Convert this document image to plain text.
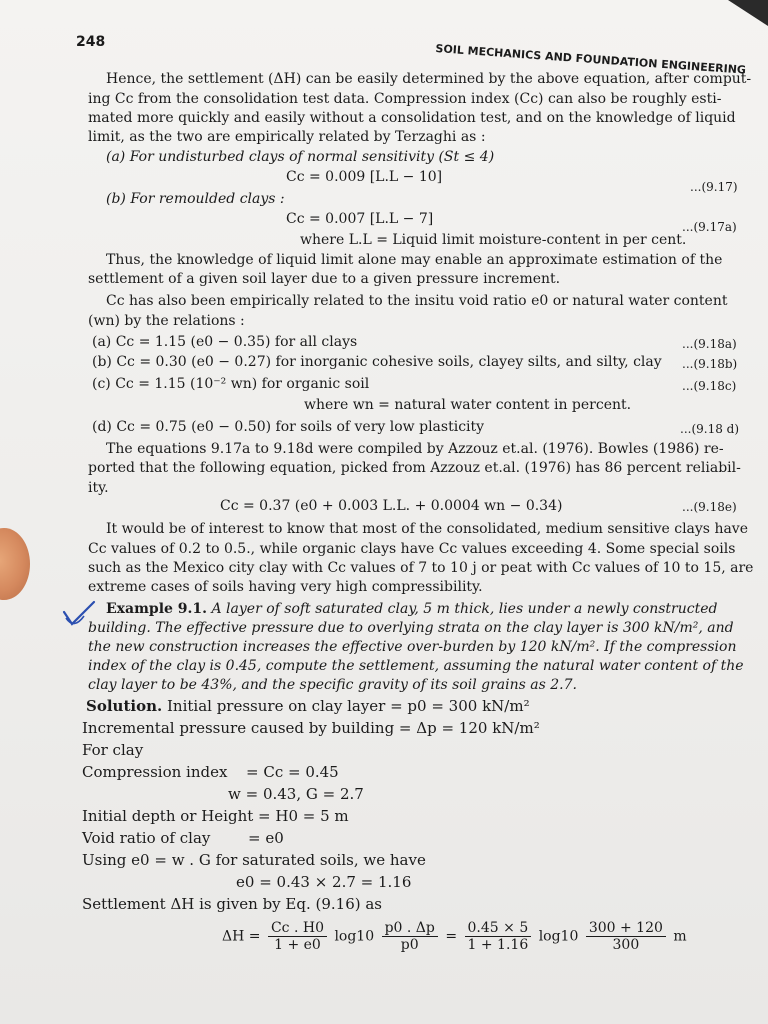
248	SOIL MECHANICS AND FOUNDATION ENGINEERING
Hence, the settlement (ΔH) can be easily determined by the above equation, after comput-
ing Cc from the consolidation test data. Compression index (Cc) can also be roughly esti-
mated more quickly and easily without a consolidation test, and on the knowledge of liquid
limit, as the two are empirically related by Terzaghi as :
(a) For undisturbed clays of normal sensitivity (St ≤ 4)
Cc = 0.009 [L.L − 10]
...(9.17)
(b) For remoulded clays :
Cc = 0.007 [L.L − 7]	...(9.17a)
where L.L = Liquid limit moisture-content in per cent.
Thus, the knowledge of liquid limit alone may enable an approximate estimation of the
settlement of a given soil layer due to a given pressure increment.
Cc has also been empirically related to the insitu void ratio e0 or natural water content
(wn) by the relations :
(a) Cc = 1.15 (e0 − 0.35) for all clays	...(9.18a)
(b) Cc = 0.30 (e0 − 0.27) for inorganic cohesive soils, clayey silts, and silty, clay ...(9.18b)
(c) Cc = 1.15 (10⁻² wn) for organic soil	...(9.18c)
where wn = natural water content in percent.
(d) Cc = 0.75 (e0 − 0.50) for soils of very low plasticity	...(9.18 d)
The equations 9.17a to 9.18d were compiled by Azzouz et.al. (1976). Bowles (1986) re-
ported that the following equation, picked from Azzouz et.al. (1976) has 86 percent reliabil-
ity.
Cc = 0.37 (e0 + 0.003 L.L. + 0.0004 wn − 0.34)	...(9.18e)
It would be of interest to know that most of the consolidated, medium sensitive clays have
Cc values of 0.2 to 0.5., while organic clays have Cc values exceeding 4. Some special soils
such as the Mexico city clay with Cc values of 7 to 10 j or peat with Cc values of 10 to 15, are
extreme cases of soils having very high compressibility.
Example 9.1. A layer of soft saturated clay, 5 m thick, lies under a newly constructed
building. The effective pressure due to overlying strata on the clay layer is 300 kN/m², and
the new construction increases the effective over-burden by 120 kN/m². If the compression
index of the clay is 0.45, compute the settlement, assuming the natural water content of the
clay layer to be 43%, and the specific gravity of its soil grains as 2.7.
Solution. Initial pressure on clay layer = p0 = 300 kN/m²
Incremental pressure caused by building = Δp = 120 kN/m²
For clay
Compression index = Cc = 0.45
w = 0.43, G = 2.7
Initial depth or Height = H0 = 5 m
Void ratio of clay	= e0
Using e0 = w . G for saturated soils, we have
e0 = 0.43 × 2.7 = 1.16
Settlement ΔH is given by Eq. (9.16) as
$\Delta H = \frac{Cc . H0}{1 + e0} \log 10 \frac{p0 . \Delta p}{p0} = \frac{0.45 \times 5}{1 + 1.16} \log 10 \frac{300 + 120}{300}$ m
